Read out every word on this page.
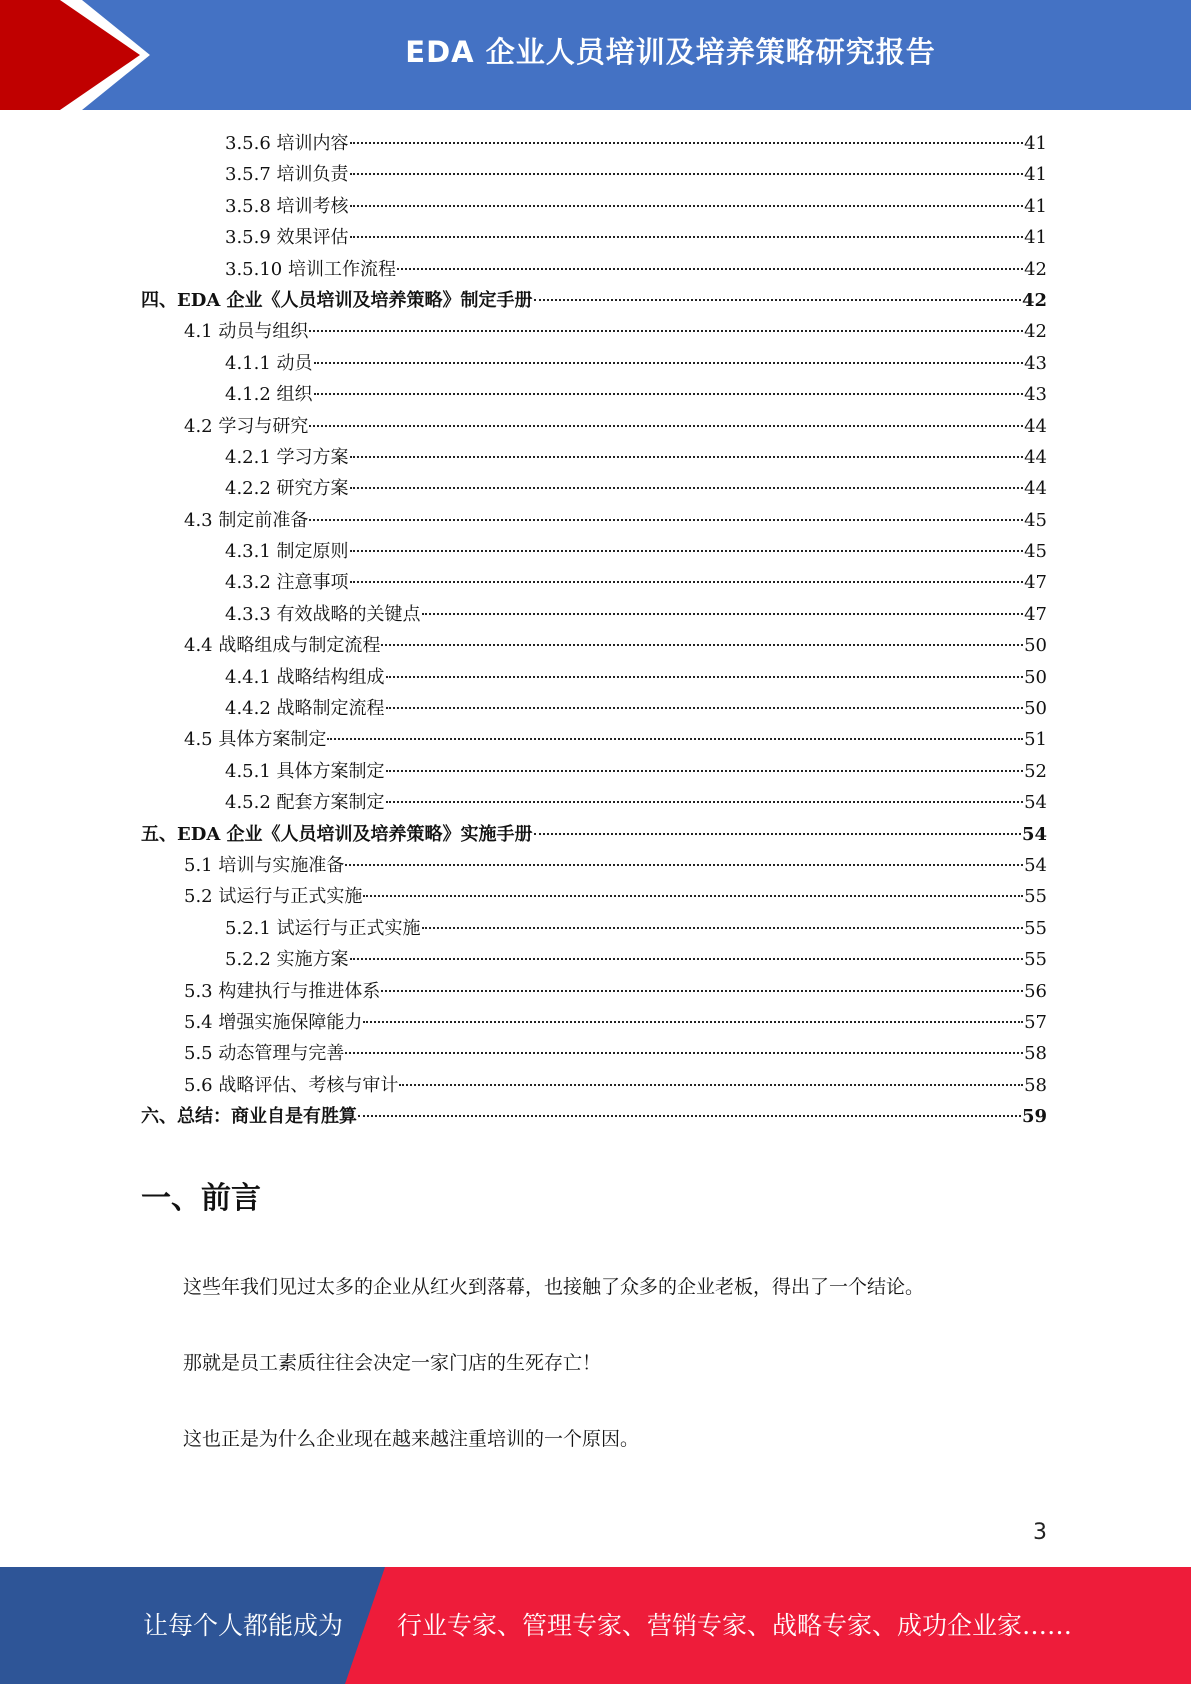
EDA 企业人员培训及培养策略研究报告
3.5.6 培训内容	41
3.5.7 培训负责	41
3.5.8 培训考核	41
3.5.9 效果评估	41
3.5.10 培训工作流程	42
四、EDA 企业《人员培训及培养策略》制定手册	42
4.1 动员与组织	42
4.1.1 动员	43
4.1.2 组织	43
4.2 学习与研究	44
4.2.1 学习方案	44
4.2.2 研究方案	44
4.3 制定前准备	45
4.3.1 制定原则	45
4.3.2 注意事项	47
4.3.3 有效战略的关键点	47
4.4 战略组成与制定流程	50
4.4.1 战略结构组成	50
4.4.2 战略制定流程	50
4.5 具体方案制定	51
4.5.1 具体方案制定	52
4.5.2 配套方案制定	54
五、EDA 企业《人员培训及培养策略》实施手册	54
5.1 培训与实施准备	54
5.2 试运行与正式实施	55
5.2.1 试运行与正式实施	55
5.2.2 实施方案	55
5.3 构建执行与推进体系	56
5.4 增强实施保障能力	57
5.5 动态管理与完善	58
5.6 战略评估、考核与审计	58
六、总结：商业自是有胜算	59
一、前言

这些年我们见过太多的企业从红火到落幕，也接触了众多的企业老板，得出了一个结论。

那就是员工素质往往会决定一家门店的生死存亡！

这也正是为什么企业现在越来越注重培训的一个原因。

3
让每个人都能成为 行业专家、管理专家、营销专家、战略专家、成功企业家……
